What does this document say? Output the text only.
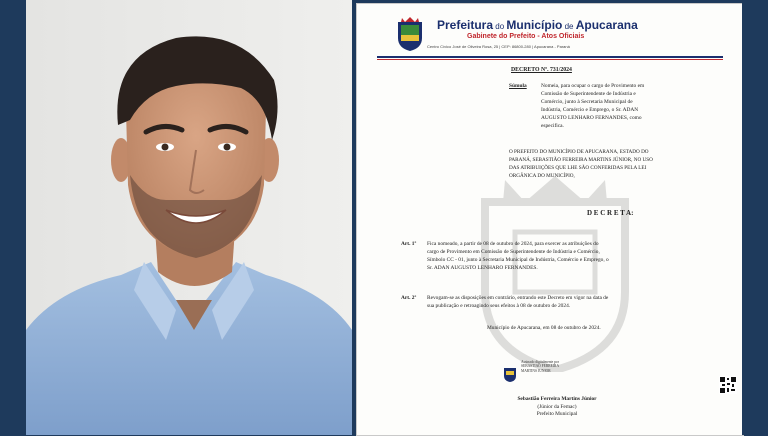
Prefeitura do Município de Apucarana
Gabinete do Prefeito - Atos Oficiais
Centro Cívico José de Oliveira Rosa, 25 | CEP: 86800-280 | Apucarana - Paraná
DECRETO Nº. 731/2024
Súmula	Nomeia, para ocupar o cargo de Provimento em
Comissão de Superintendente de Indústria e
Comércio, junto à Secretaria Municipal de
Indústria, Comércio e Emprego, o Sr. ADAN
AUGUSTO LENHARO FERNANDES, como
especifica.
O PREFEITO DO MUNICÍPIO DE APUCARANA, ESTADO DO
PARANÁ, SEBASTIÃO FERREIRA MARTINS JÚNIOR, NO USO
DAS ATRIBUIÇÕES QUE LHE SÃO CONFERIDAS PELA LEI
ORGÂNICA DO MUNICÍPIO,
D E C R E T A:
Art. 1º Fica nomeado, a partir de 08 de outubro de 2024, para exercer as atribuições do
cargo de Provimento em Comissão de Superintendente de Indústria e Comércio,
Símbolo CC - 01, junto à Secretaria Municipal de Indústria, Comércio e Emprego, o
Sr. ADAN AUGUSTO LENHARO FERNANDES.
Art. 2º Revogam-se as disposições em contrário, entrando este Decreto em vigor na data de
sua publicação e retroagindo seus efeitos à 08 de outubro de 2024.
Município de Apucarana, em 08 de outubro de 2024.
Assinado digitalmente por
SEBASTIAO FERREIRA
MARTINS JUNIOR
Sebastião Ferreira Martins Júnior
(Júnior da Femac)
Prefeito Municipal
